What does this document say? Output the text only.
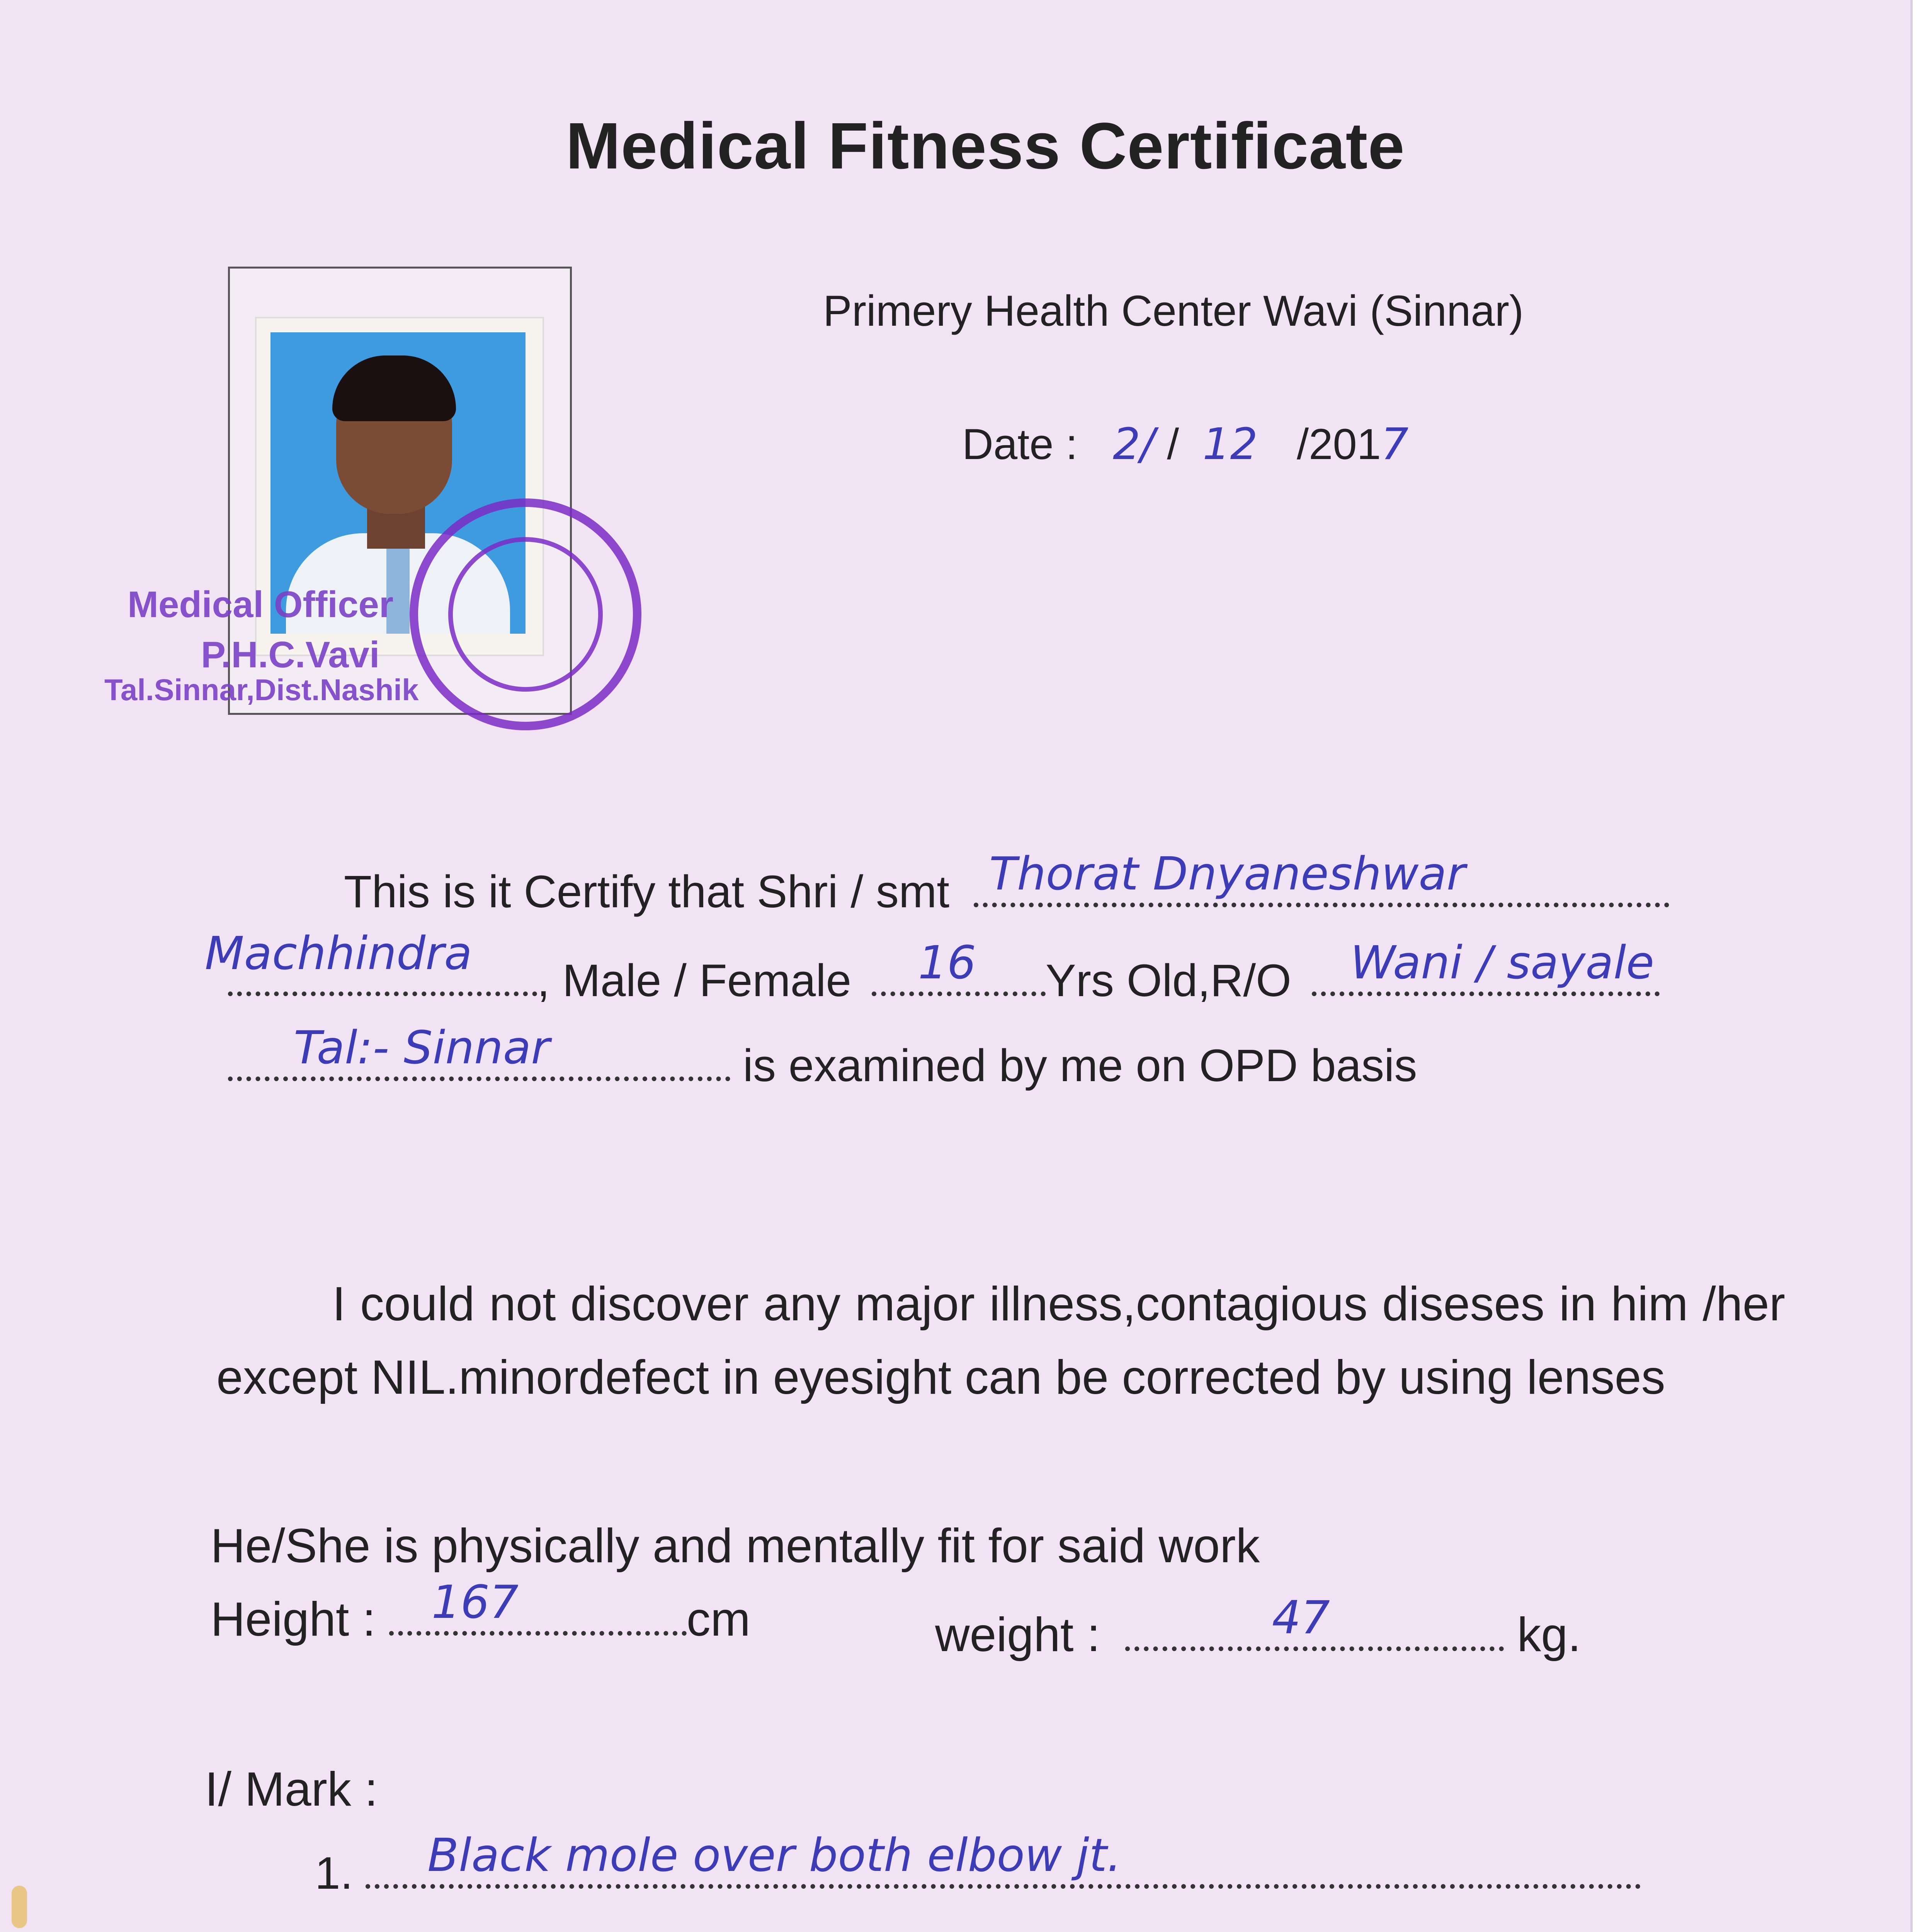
Medical Fitness Certificate
Medical Officer
P.H.C.Vavi
Tal.Sinnar,Dist.Nashik
Primery Health Center Wavi (Sinnar)
Date : 2/ / 12 /2017
This is it Certify that Shri / smt Thorat Dnyaneshwar
Machhindra
, Male / Female 16 Yrs Old,R/O Wani / sayale
Tal:- Sinnar	is examined by me on OPD basis
I could not discover any major illness,contagious diseses in him /her except NIL.minordefect in eyesight can be corrected by using lenses
He/She is physically and mentally fit for said work
Height : 167	cm	weight :	47	kg.
I/ Mark :
1. Black mole over both elbow jt.
